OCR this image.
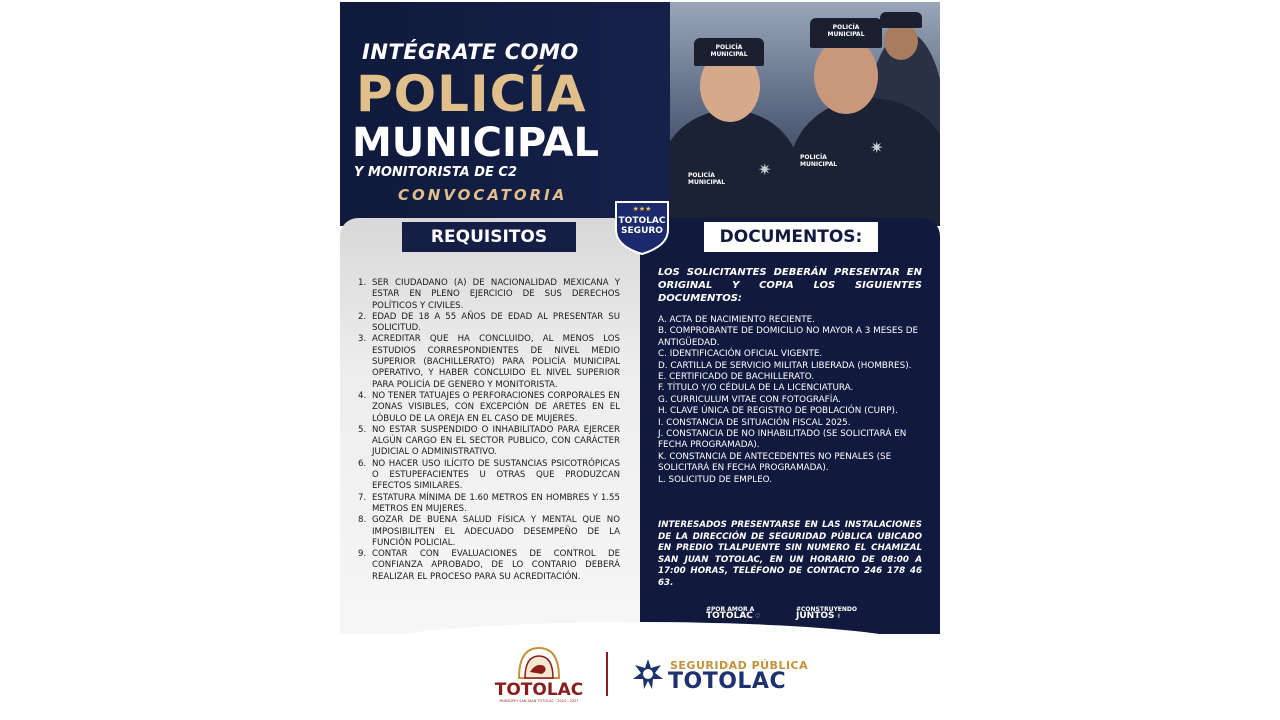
INTÉGRATE COMO
POLICÍA
MUNICIPAL
Y MONITORISTA DE C2
CONVOCATORIA
POLICÍA MUNICIPAL
POLICÍA MUNICIPAL
✷
POLICÍA MUNICIPAL
POLICÍA MUNICIPAL
✷
REQUISITOS	DOCUMENTOS:
★★★
TOTOLAC
SEGURO
1. SER CIUDADANO (A) DE NACIONALIDAD MEXICANA Y ESTAR EN PLENO EJERCICIO DE SUS DERECHOS POLÍTICOS Y CIVILES.
2. EDAD DE 18 A 55 AÑOS DE EDAD AL PRESENTAR SU SOLICITUD.
3. ACREDITAR QUE HA CONCLUIDO, AL MENOS LOS ESTUDIOS CORRESPONDIENTES DE NIVEL MEDIO SUPERIOR (BACHILLERATO) PARA POLICÍA MUNICIPAL OPERATIVO, Y HABER CONCLUIDO EL NIVEL SUPERIOR PARA POLICÍA DE GENERO Y MONITORISTA.
4. NO TENER TATUAJES O PERFORACIONES CORPORALES EN ZONAS VISIBLES, CON EXCEPCIÓN DE ARETES EN EL LÓBULO DE LA OREJA EN EL CASO DE MUJERES.
5. NO ESTAR SUSPENDIDO O INHABILITADO PARA EJERCER ALGÚN CARGO EN EL SECTOR PUBLICO, CON CARÁCTER JUDICIAL O ADMINISTRATIVO.
6. NO HACER USO ILÍCITO DE SUSTANCIAS PSICOTRÓPICAS O ESTUPEFACIENTES U OTRAS QUE PRODUZCAN EFECTOS SIMILARES.
7. ESTATURA MÍNIMA DE 1.60 METROS EN HOMBRES Y 1.55 METROS EN MUJERES.
8. GOZAR DE BUENA SALUD FÍSICA Y MENTAL QUE NO IMPOSIBILITEN EL ADECUADO DESEMPEÑO DE LA FUNCIÓN POLICIAL.
9. CONTAR CON EVALUACIONES DE CONTROL DE CONFIANZA APROBADO, DE LO CONTARIO DEBERÁ REALIZAR EL PROCESO PARA SU ACREDITACIÓN.
LOS SOLICITANTES DEBERÁN PRESENTAR EN ORIGINAL Y COPIA LOS SIGUIENTES DOCUMENTOS:
A. ACTA DE NACIMIENTO RECIENTE.
B. COMPROBANTE DE DOMICILIO NO MAYOR A 3 MESES DE ANTIGÜEDAD.
C. IDENTIFICACIÓN OFICIAL VIGENTE.
D. CARTILLA DE SERVICIO MILITAR LIBERADA (HOMBRES).
E. CERTIFICADO DE BACHILLERATO.
F. TÍTULO Y/O CÉDULA DE LA LICENCIATURA.
G. CURRICULUM VITAE CON FOTOGRAFÍA.
H. CLAVE ÚNICA DE REGISTRO DE POBLACIÓN (CURP).
I. CONSTANCIA DE SITUACIÓN FISCAL 2025.
J. CONSTANCIA DE NO INHABILITADO (SE SOLICITARÁ EN FECHA PROGRAMADA).
K. CONSTANCIA DE ANTECEDENTES NO PENALES (SE SOLICITARÁ EN FECHA PROGRAMADA).
L. SOLICITUD DE EMPLEO.
INTERESADOS PRESENTARSE EN LAS INSTALACIONES DE LA DIRECCIÓN DE SEGURIDAD PÚBLICA UBICADO EN PREDIO TLALPUENTE SIN NUMERO EL CHAMIZAL SAN JUAN TOTOLAC, EN UN HORARIO DE 08:00 A 17:00 HORAS, TELÉFONO DE CONTACTO 246 178 46 63.
#POR AMOR A
TOTOLAC ♡
#CONSTRUYENDO
JUNTOS ✌
TOTOLAC
MUNICIPIO SAN JUAN TOTOLAC · 2024 - 2027
SEGURIDAD PÚBLICA
TOTOLAC
